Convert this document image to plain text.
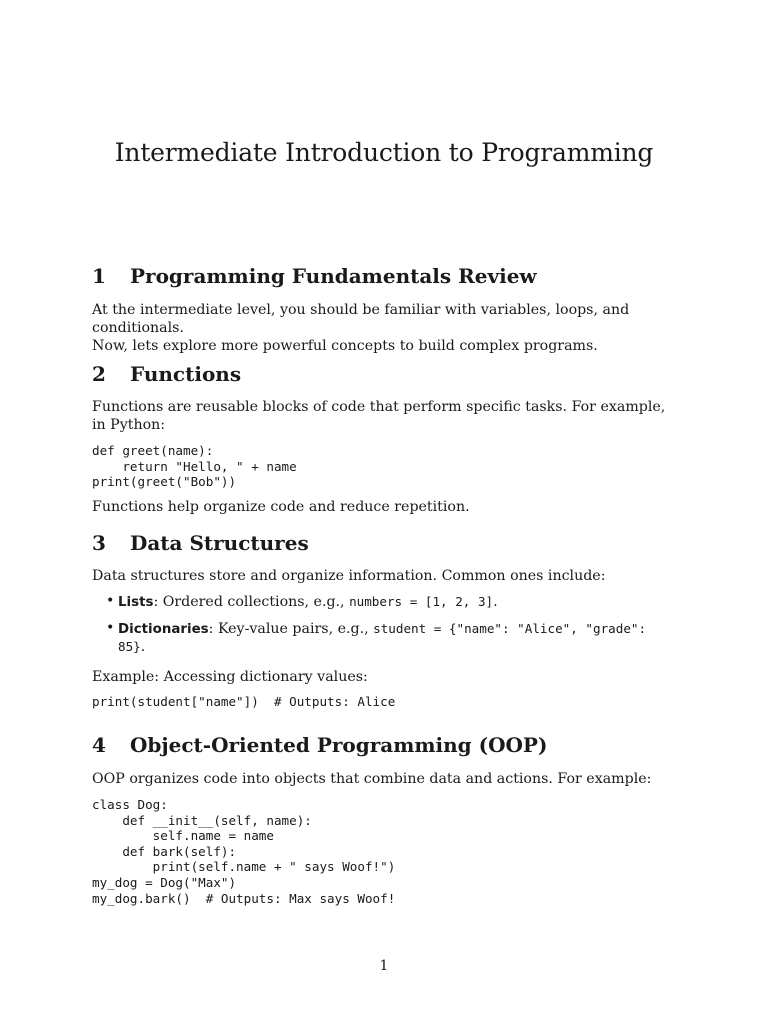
Intermediate Introduction to Programming
1	Programming Fundamentals Review

At the intermediate level, you should be familiar with variables, loops, and conditionals.
Now, lets explore more powerful concepts to build complex programs.

2	Functions

Functions are reusable blocks of code that perform specific tasks. For example, in Python:

def greet(name):
return "Hello, " + name
print(greet("Bob"))

Functions help organize code and reduce repetition.

3	Data Structures

Data structures store and organize information. Common ones include:

• Lists: Ordered collections, e.g., numbers = [1, 2, 3].
• Dictionaries: Key-value pairs, e.g., student = {"name": "Alice", "grade":
85}.

Example: Accessing dictionary values:

print(student["name"])  # Outputs: Alice
4	Object-Oriented Programming (OOP)

OOP organizes code into objects that combine data and actions. For example:

class Dog:
def __init__(self, name):
self.name = name
def bark(self):
print(self.name + " says Woof!")
my_dog = Dog("Max")
my_dog.bark()  # Outputs: Max says Woof!
1
